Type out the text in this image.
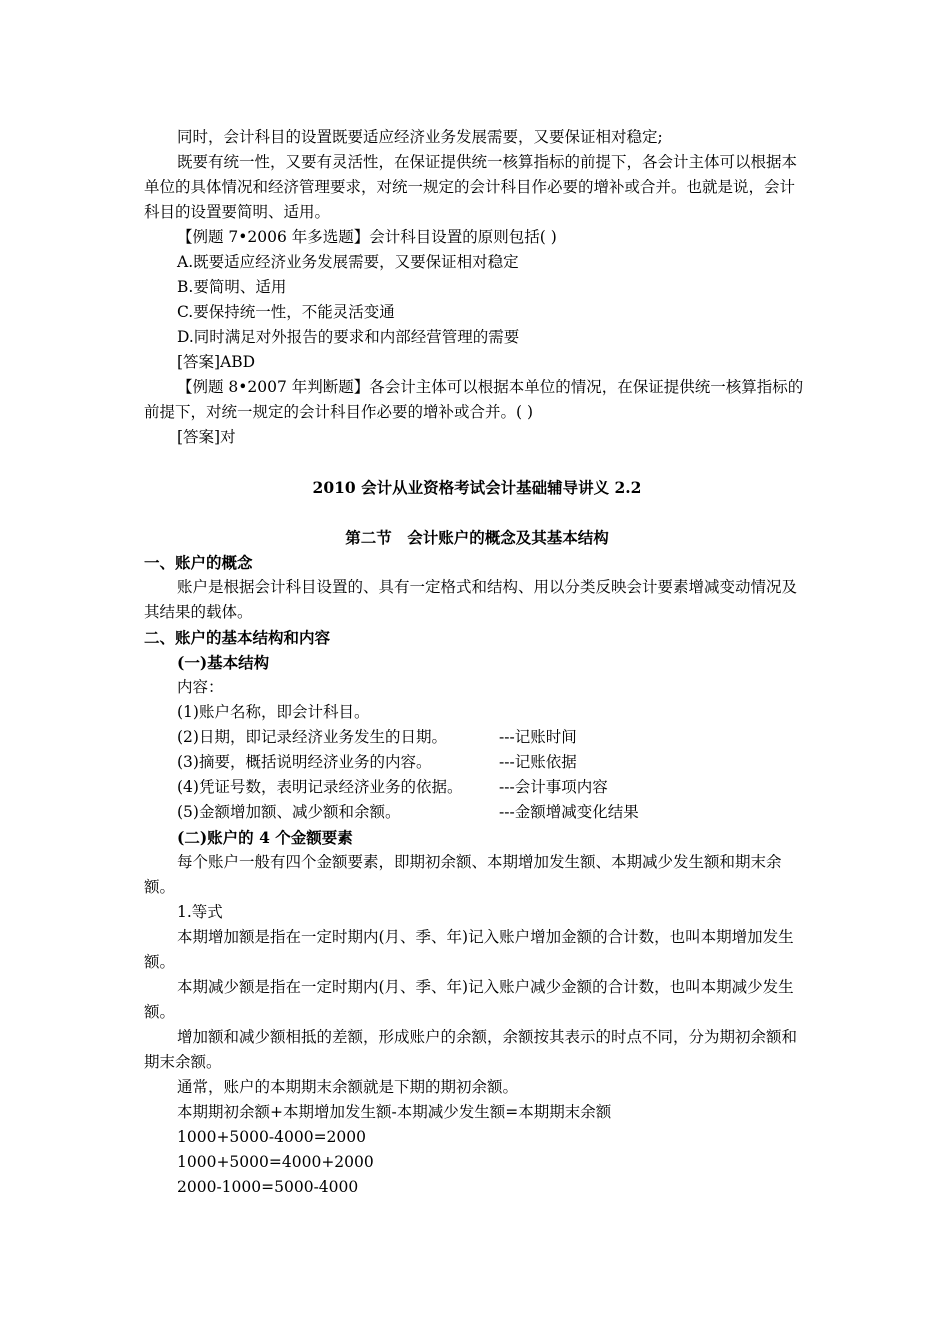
同时，会计科目的设置既要适应经济业务发展需要，又要保证相对稳定;

既要有统一性，又要有灵活性，在保证提供统一核算指标的前提下，各会计主体可以根据本单位的具体情况和经济管理要求，对统一规定的会计科目作必要的增补或合并。也就是说，会计科目的设置要简明、适用。

【例题 7•2006 年多选题】会计科目设置的原则包括( )

A.既要适应经济业务发展需要，又要保证相对稳定

B.要简明、适用

C.要保持统一性，不能灵活变通

D.同时满足对外报告的要求和内部经营管理的需要

[答案]ABD

【例题 8•2007 年判断题】各会计主体可以根据本单位的情况，在保证提供统一核算指标的前提下，对统一规定的会计科目作必要的增补或合并。( )

[答案]对

2010 会计从业资格考试会计基础辅导讲义 2.2

第二节　会计账户的概念及其基本结构

一、账户的概念

账户是根据会计科目设置的、具有一定格式和结构、用以分类反映会计要素增减变动情况及其结果的载体。

二、账户的基本结构和内容

(一)基本结构

内容：

(1)账户名称，即会计科目。
(2)日期，即记录经济业务发生的日期。	---记账时间
(3)摘要，概括说明经济业务的内容。	---记账依据
(4)凭证号数，表明记录经济业务的依据。	---会计事项内容
(5)金额增加额、减少额和余额。	---金额增减变化结果

(二)账户的 4 个金额要素

每个账户一般有四个金额要素，即期初余额、本期增加发生额、本期减少发生额和期末余额。

1.等式

本期增加额是指在一定时期内(月、季、年)记入账户增加金额的合计数，也叫本期增加发生额。

本期减少额是指在一定时期内(月、季、年)记入账户减少金额的合计数，也叫本期减少发生额。

增加额和减少额相抵的差额，形成账户的余额，余额按其表示的时点不同，分为期初余额和期末余额。

通常，账户的本期期末余额就是下期的期初余额。

本期期初余额+本期增加发生额-本期减少发生额=本期期末余额

1000+5000-4000=2000

1000+5000=4000+2000

2000-1000=5000-4000
